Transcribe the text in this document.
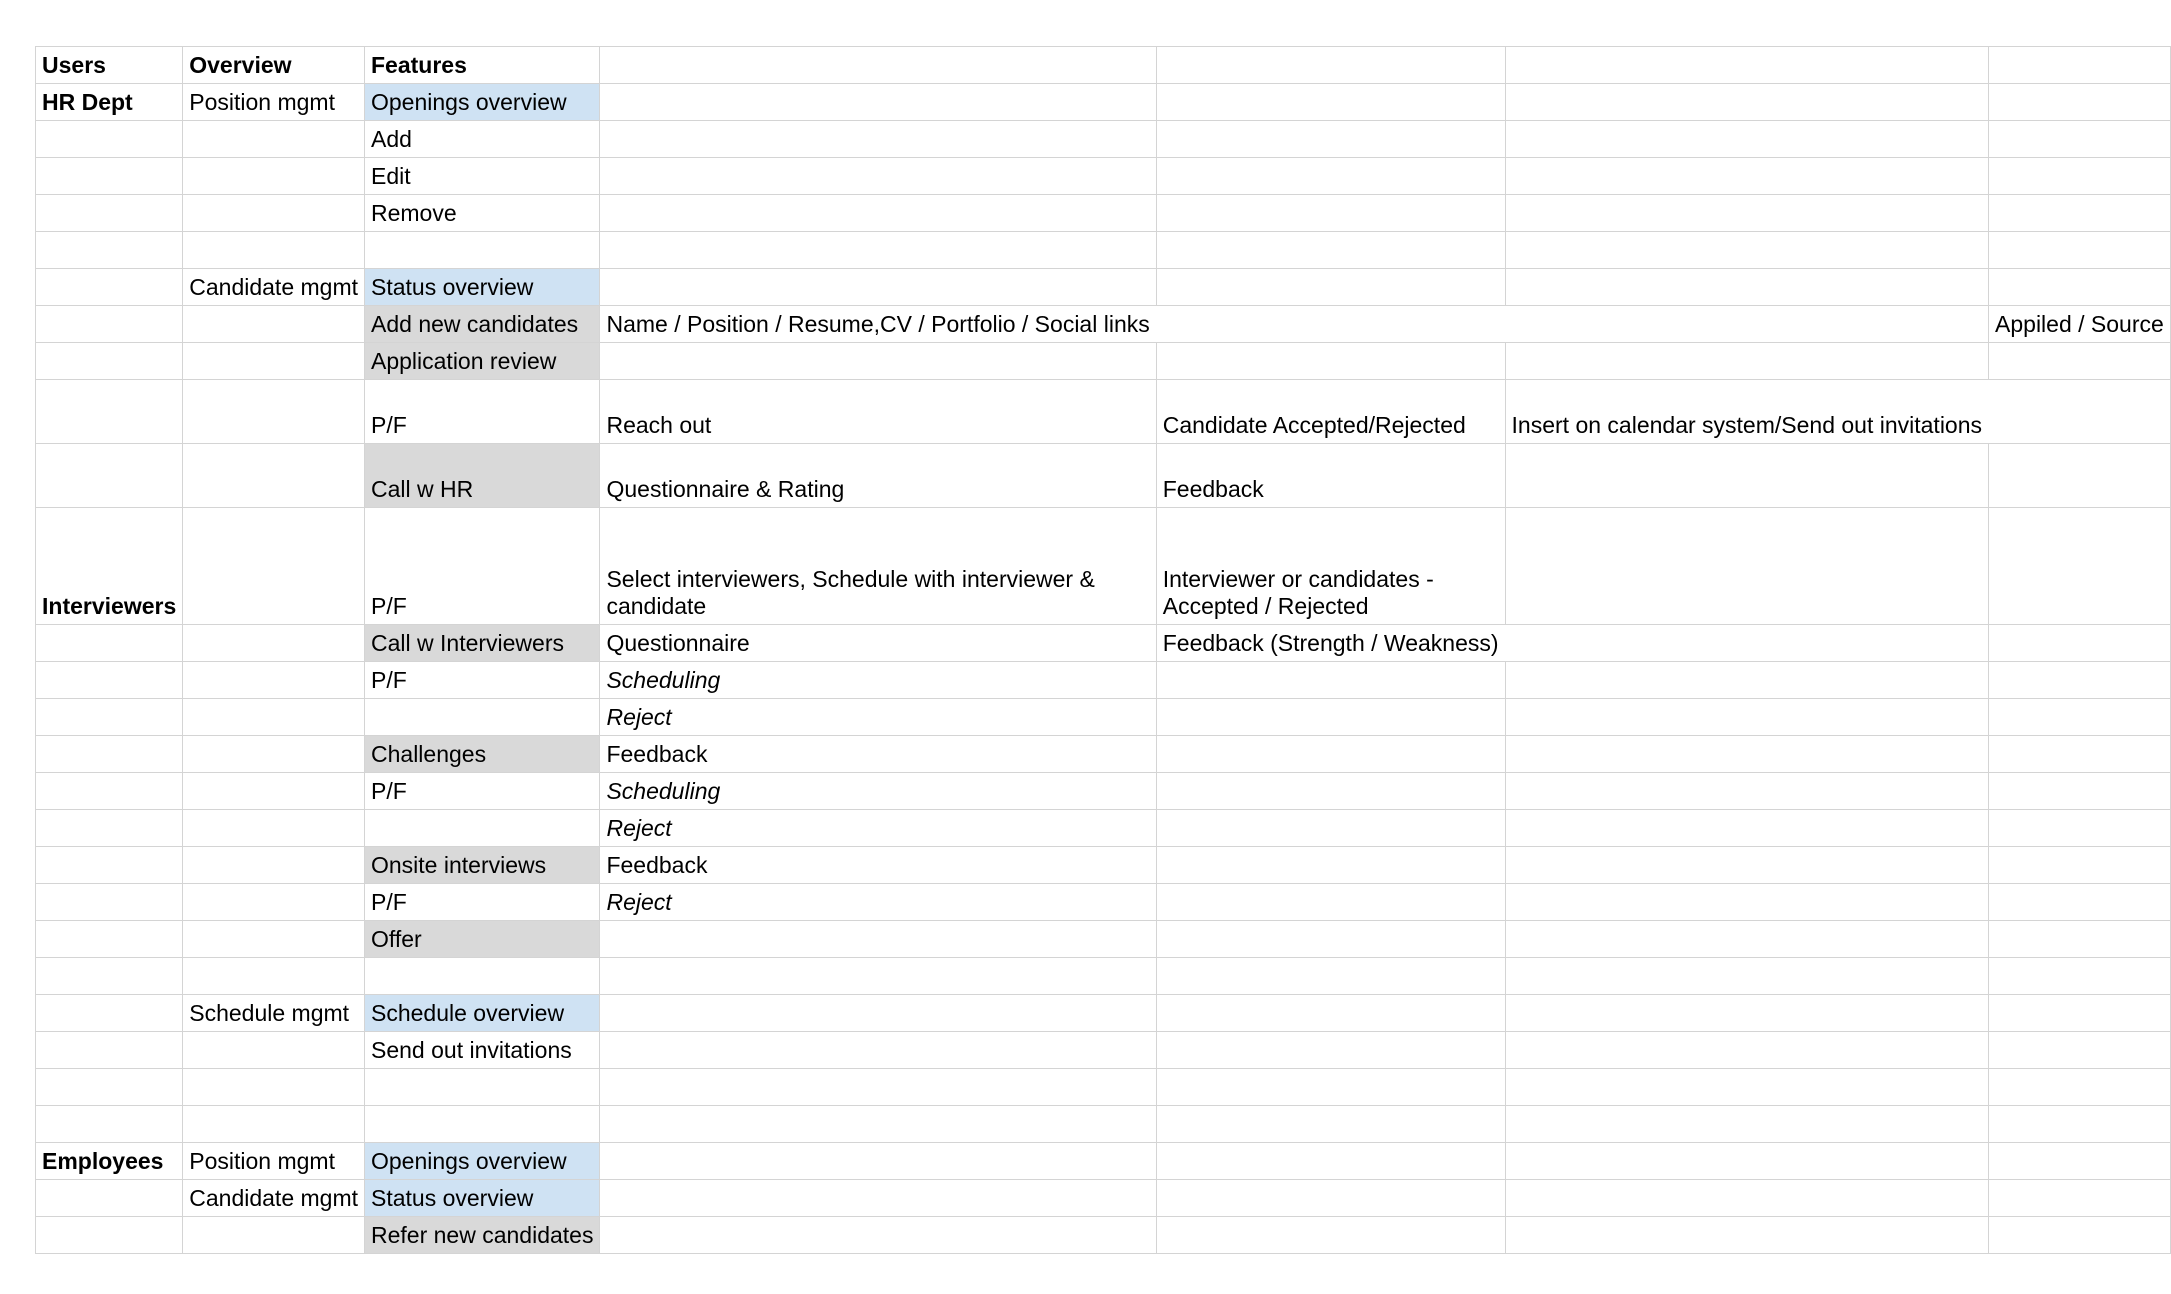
Users	Overview	Features				
HR Dept	Position mgmt	Openings overview				
		Add				
		Edit				
		Remove				

	Candidate mgmt	Status overview				
		Add new candidates	Name / Position / Resume,CV / Portfolio / Social links			Appiled / Source
		Application review				
		P/F	Reach out	Candidate Accepted/Rejected	Insert on calendar system/Send out invitations	
		Call w HR	Questionnaire & Rating	Feedback		
Interviewers		P/F	Select interviewers, Schedule with interviewer & candidate	Interviewer or candidates - Accepted / Rejected		
		Call w Interviewers	Questionnaire	Feedback (Strength / Weakness)		
		P/F	Scheduling			
			Reject			
		Challenges	Feedback			
		P/F	Scheduling			
			Reject			
		Onsite interviews	Feedback			
		P/F	Reject			
		Offer				

	Schedule mgmt	Schedule overview				
		Send out invitations				

Employees	Position mgmt	Openings overview				
	Candidate mgmt	Status overview				
		Refer new candidates				
